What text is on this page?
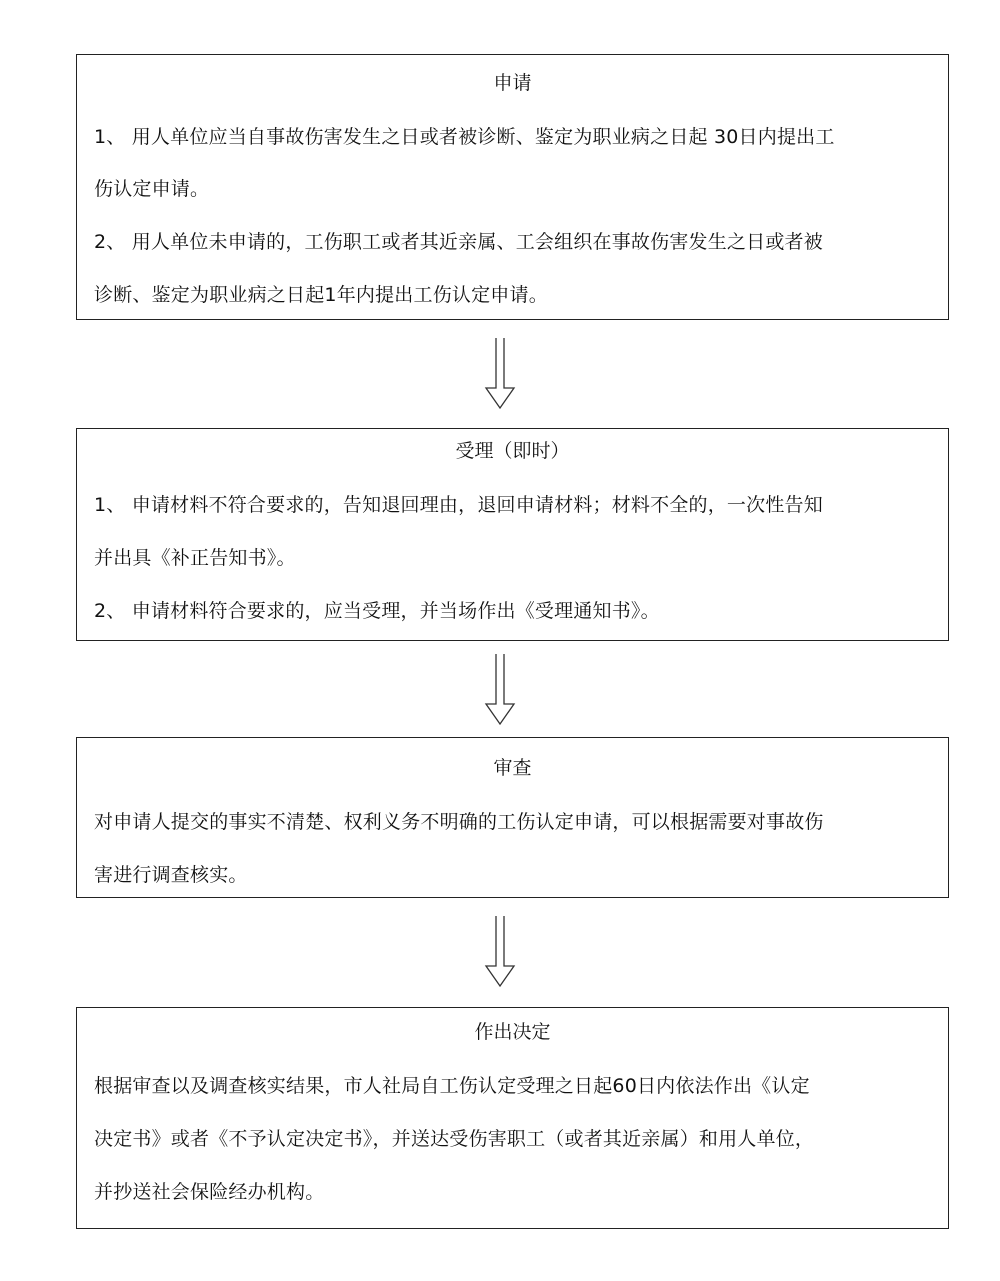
申请
1、 用人单位应当自事故伤害发生之日或者被诊断、鉴定为职业病之日起 30日内提出工
伤认定申请。
2、 用人单位未申请的，工伤职工或者其近亲属、工会组织在事故伤害发生之日或者被
诊断、鉴定为职业病之日起1年内提出工伤认定申请。
受理（即时）
1、 申请材料不符合要求的，告知退回理由，退回申请材料；材料不全的，一次性告知
并出具《补正告知书》。
2、 申请材料符合要求的，应当受理，并当场作出《受理通知书》。
审查
对申请人提交的事实不清楚、权利义务不明确的工伤认定申请，可以根据需要对事故伤
害进行调查核实。
作出决定
根据审查以及调查核实结果，市人社局自工伤认定受理之日起60日内依法作出《认定
决定书》或者《不予认定决定书》，并送达受伤害职工（或者其近亲属）和用人单位，
并抄送社会保险经办机构。
